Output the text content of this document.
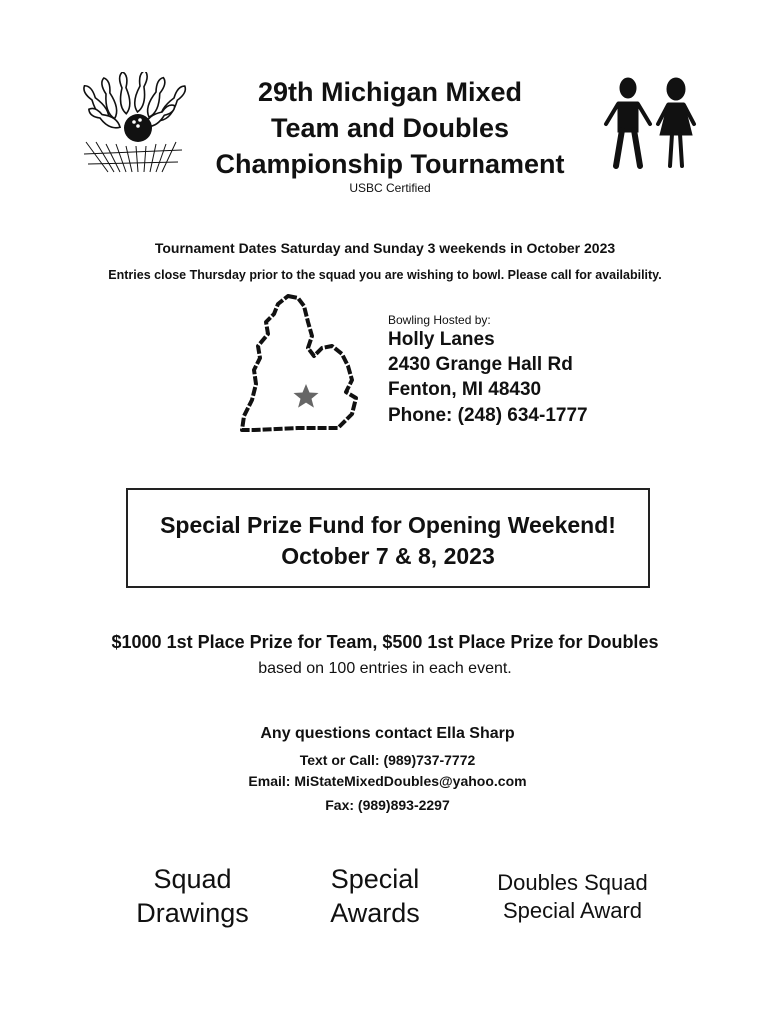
29th Michigan Mixed
Team and Doubles
Championship Tournament
USBC Certified
Tournament Dates Saturday and Sunday 3 weekends in October 2023
Entries close Thursday prior to the squad you are wishing to bowl. Please call for availability.
Bowling Hosted by:
Holly Lanes
2430 Grange Hall Rd
Fenton, MI 48430
Phone: (248) 634-1777
Special Prize Fund for Opening Weekend!
October 7 & 8, 2023
$1000 1st Place Prize for Team, $500 1st Place Prize for Doubles
based on 100 entries in each event.
Any questions contact Ella Sharp
Text or Call: (989)737-7772
Email: MiStateMixedDoubles@yahoo.com
Fax: (989)893-2297
Squad
Drawings
Special
Awards
Doubles Squad
Special Award
